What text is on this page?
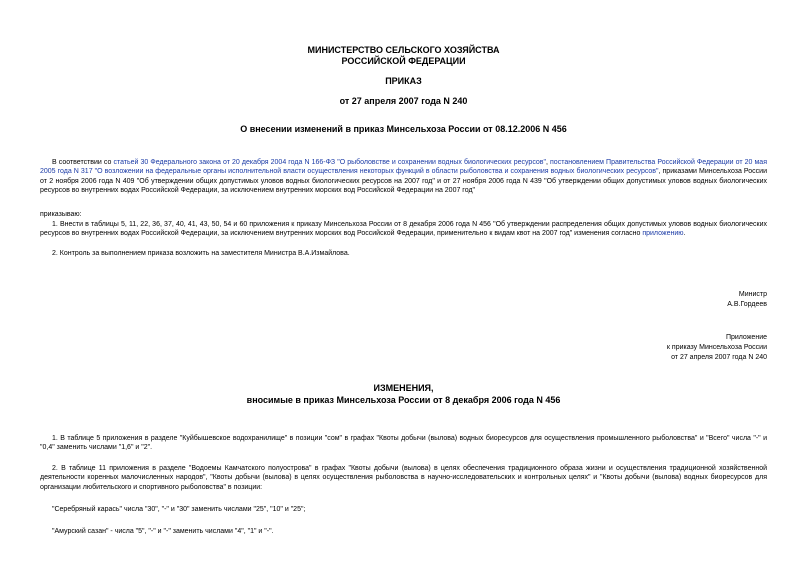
МИНИСТЕРСТВО СЕЛЬСКОГО ХОЗЯЙСТВА
РОССИЙСКОЙ ФЕДЕРАЦИИ
ПРИКАЗ
от 27 апреля 2007 года N 240
О внесении изменений в приказ Минсельхоза России от 08.12.2006 N 456
В соответствии со статьей 30 Федерального закона от 20 декабря 2004 года N 166-ФЗ "О рыболовстве и сохранении водных биологических ресурсов", постановлением Правительства Российской Федерации от 20 мая 2005 года N 317 "О возложении на федеральные органы исполнительной власти осуществления некоторых функций в области рыболовства и сохранения водных биологических ресурсов", приказами Минсельхоза России от 2 ноября 2006 года N 409 "Об утверждении общих допустимых уловов водных биологических ресурсов на 2007 год" и от 27 ноября 2006 года N 439 "Об утверждении общих допустимых уловов водных биологических ресурсов во внутренних водах Российской Федерации, за исключением внутренних морских вод Российской Федерации на 2007 год"
приказываю:
1. Внести в таблицы 5, 11, 22, 36, 37, 40, 41, 43, 50, 54 и 60 приложения к приказу Минсельхоза России от 8 декабря 2006 года N 456 "Об утверждении распределения общих допустимых уловов водных биологических ресурсов во внутренних водах Российской Федерации, за исключением внутренних морских вод Российской Федерации, применительно к видам квот на 2007 год" изменения согласно приложению.
2. Контроль за выполнением приказа возложить на заместителя Министра В.А.Измайлова.
Министр
А.В.Гордеев
Приложение
к приказу Минсельхоза России
от 27 апреля 2007 года N 240
ИЗМЕНЕНИЯ,
вносимые в приказ Минсельхоза России от 8 декабря 2006 года N 456
1. В таблице 5 приложения в разделе "Куйбышевское водохранилище" в позиции "сом" в графах "Квоты добычи (вылова) водных биоресурсов для осуществления промышленного рыболовства" и "Всего" числа "-" и "0,4" заменить числами "1,6" и "2".
2. В таблице 11 приложения в разделе "Водоемы Камчатского полуострова" в графах "Квоты добычи (вылова) в целях обеспечения традиционного образа жизни и осуществления традиционной хозяйственной деятельности коренных малочисленных народов", "Квоты добычи (вылова) в целях осуществления рыболовства в научно-исследовательских и контрольных целях" и "Квоты добычи (вылова) водных биоресурсов для организации любительского и спортивного рыболовства" в позиции:
"Серебряный карась" числа "30", "-" и "30" заменить числами "25", "10" и "25";
"Амурский сазан" - числа "5", "-" и "-" заменить числами "4", "1" и "-".
